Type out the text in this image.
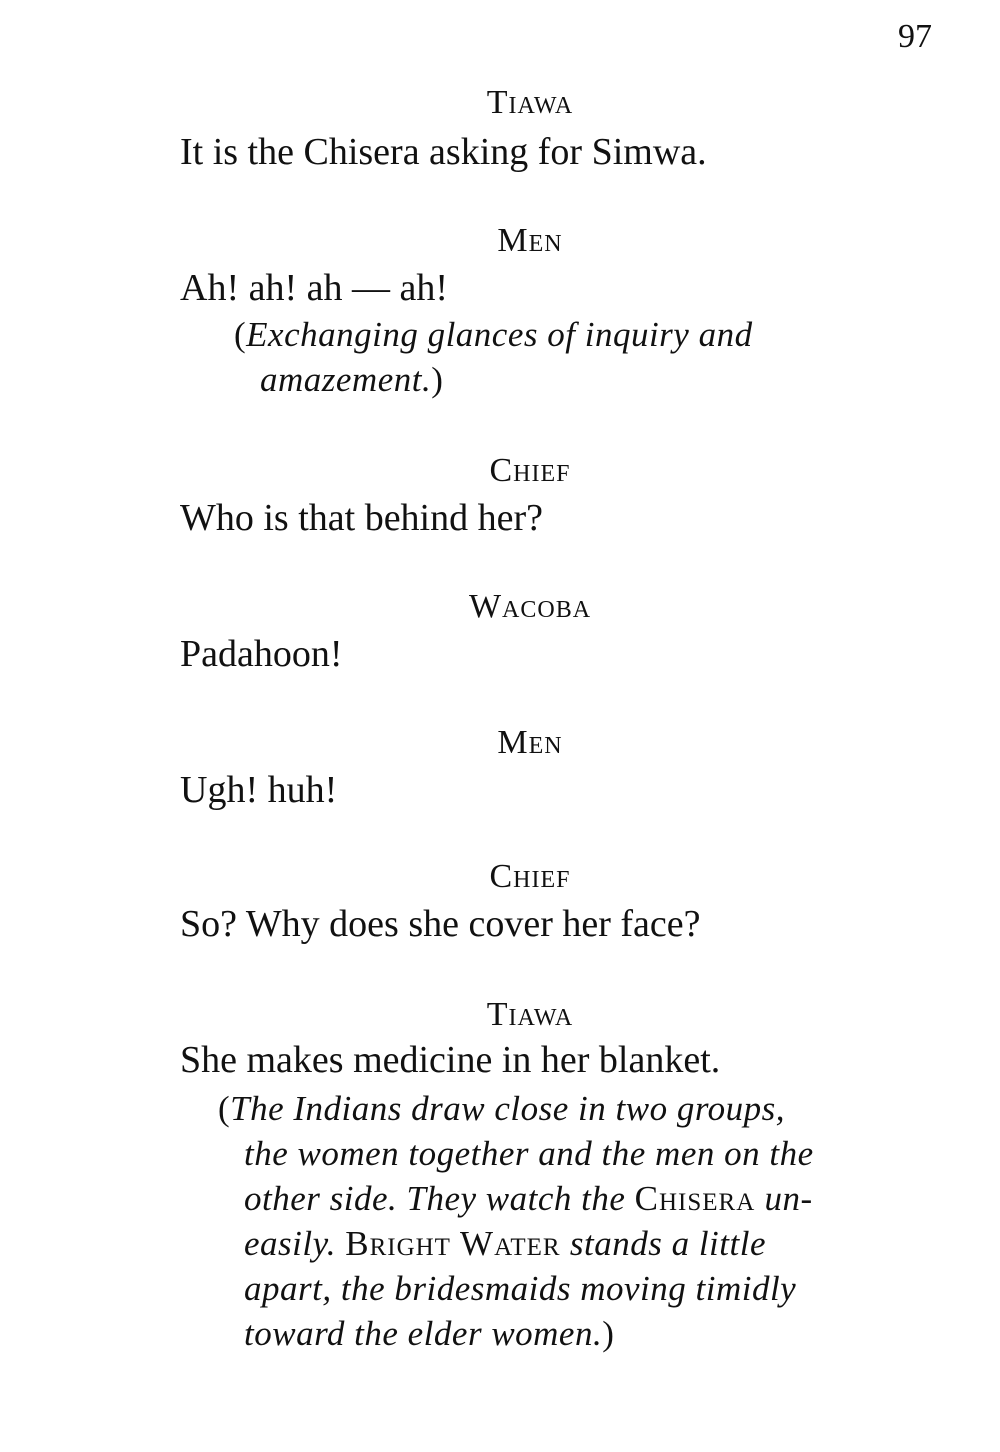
97
Tiawa
It is the Chisera asking for Simwa.
Men
Ah! ah! ah — ah!
(Exchanging glances of inquiry and

amazement.)
Chief
Who is that behind her?
Wacoba
Padahoon!
Men
Ugh! huh!
Chief
So? Why does she cover her face?
Tiawa
She makes medicine in her blanket.
(The Indians draw close in two groups,

the women together and the men on the
other side. They watch the Chisera un-
easily. Bright Water stands a little
apart, the bridesmaids moving timidly
toward the elder women.)
